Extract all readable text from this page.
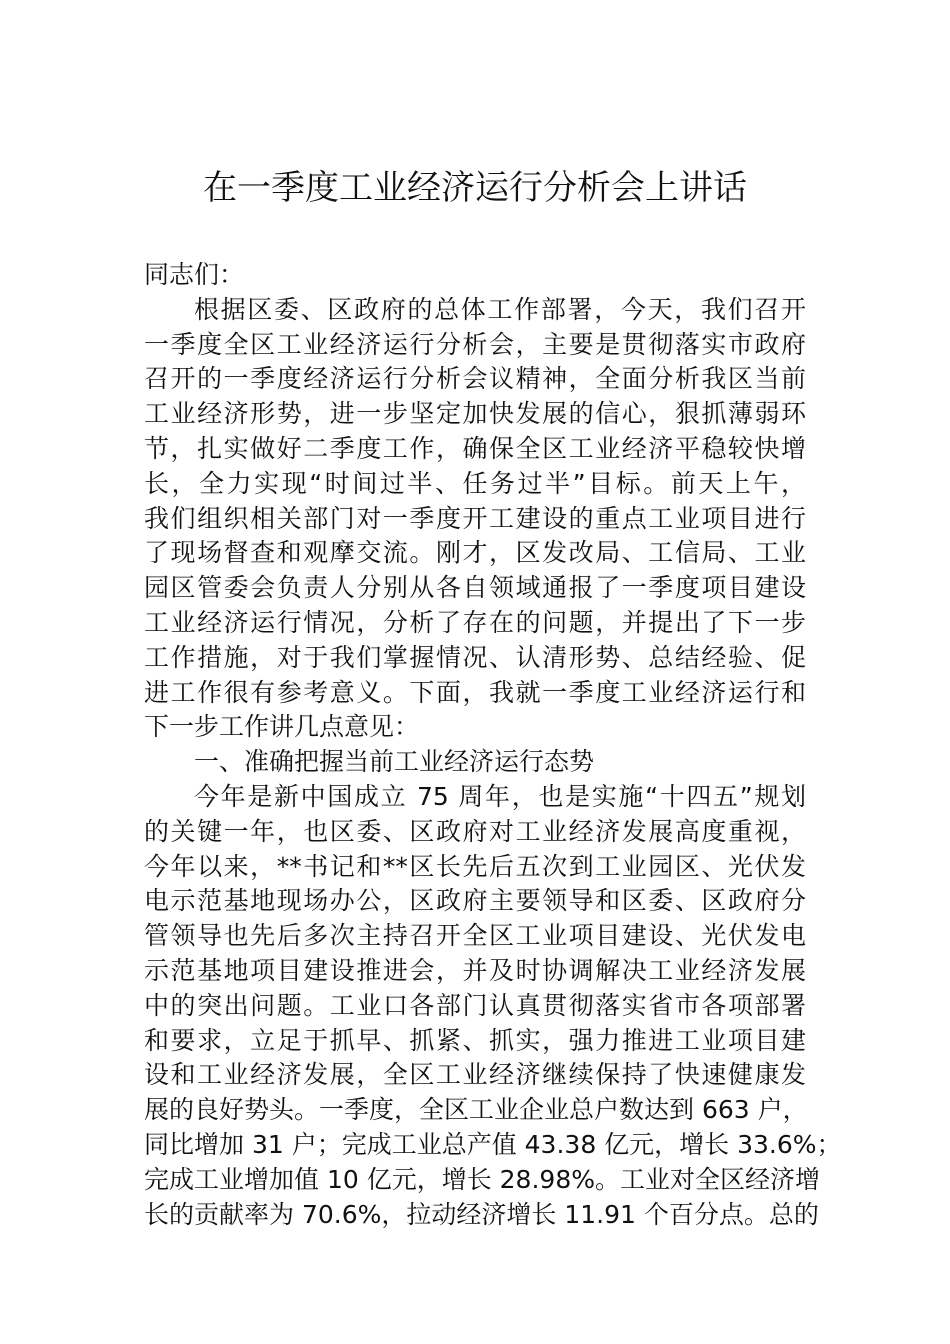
在一季度工业经济运行分析会上讲话
同志们：
根据区委、区政府的总体工作部署，今天，我们召开
一季度全区工业经济运行分析会，主要是贯彻落实市政府
召开的一季度经济运行分析会议精神，全面分析我区当前
工业经济形势，进一步坚定加快发展的信心，狠抓薄弱环
节，扎实做好二季度工作，确保全区工业经济平稳较快增
长，全力实现“时间过半、任务过半”目标。前天上午，
我们组织相关部门对一季度开工建设的重点工业项目进行
了现场督查和观摩交流。刚才，区发改局、工信局、工业
园区管委会负责人分别从各自领域通报了一季度项目建设
工业经济运行情况，分析了存在的问题，并提出了下一步
工作措施，对于我们掌握情况、认清形势、总结经验、促
进工作很有参考意义。下面，我就一季度工业经济运行和
下一步工作讲几点意见：
一、准确把握当前工业经济运行态势
今年是新中国成立 75 周年，也是实施“十四五”规划
的关键一年，也区委、区政府对工业经济发展高度重视，
今年以来，**书记和**区长先后五次到工业园区、光伏发
电示范基地现场办公，区政府主要领导和区委、区政府分
管领导也先后多次主持召开全区工业项目建设、光伏发电
示范基地项目建设推进会，并及时协调解决工业经济发展
中的突出问题。工业口各部门认真贯彻落实省市各项部署
和要求，立足于抓早、抓紧、抓实，强力推进工业项目建
设和工业经济发展，全区工业经济继续保持了快速健康发
展的良好势头。一季度，全区工业企业总户数达到 663 户，
同比增加 31 户；完成工业总产值 43.38 亿元，增长 33.6%；
完成工业增加值 10 亿元，增长 28.98%。工业对全区经济增
长的贡献率为 70.6%，拉动经济增长 11.91 个百分点。总的
